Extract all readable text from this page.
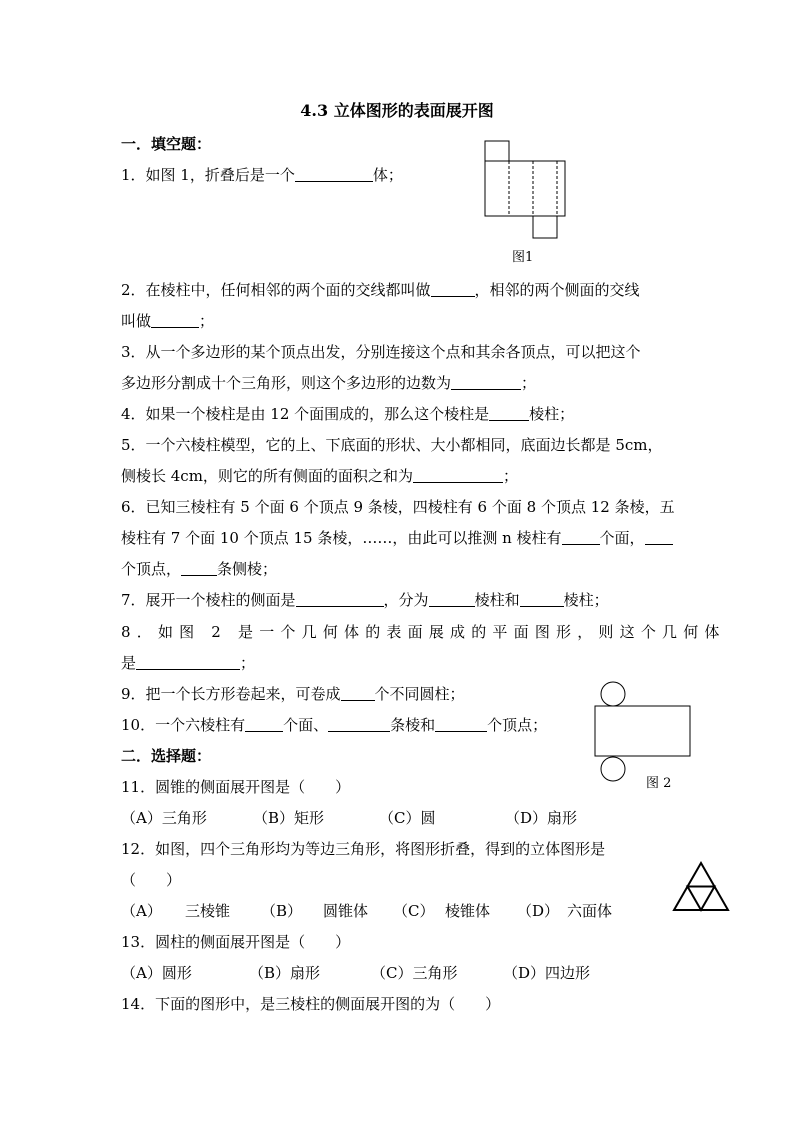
4.3 立体图形的表面展开图
一．填空题：
1．如图 1，折叠后是一个	体；
图1
2．在棱柱中，任何相邻的两个面的交线都叫做	，相邻的两个侧面的交线
叫做	；
3．从一个多边形的某个顶点出发，分别连接这个点和其余各顶点，可以把这个
多边形分割成十个三角形，则这个多边形的边数为	；
4．如果一个棱柱是由 12 个面围成的，那么这个棱柱是	棱柱；
5．一个六棱柱模型，它的上、下底面的形状、大小都相同，底面边长都是 5cm，
侧棱长 4cm，则它的所有侧面的面积之和为	；
6．已知三棱柱有 5 个面 6 个顶点 9 条棱，四棱柱有 6 个面 8 个顶点 12 条棱，五
棱柱有 7 个面 10 个顶点 15 条棱，……，由此可以推测 n 棱柱有	个面，
个顶点， 条侧棱；
7．展开一个棱柱的侧面是	，分为	棱柱和	棱柱；
8．如图 2 是一个几何体的表面展成的平面图形，则这个几何体
是	；
图 2
9．把一个长方形卷起来，可卷成 个不同圆柱；
10．一个六棱柱有	个面、	条棱和	个顶点；
二．选择题：
11．圆锥的侧面展开图是（　　）
（A）三角形	（B）矩形	（C）圆	（D）扇形
12．如图，四个三角形均为等边三角形，将图形折叠，得到的立体图形是
（　　）
（A） 三棱锥 （B） 圆锥体 （C） 棱锥体 （D） 六面体
13．圆柱的侧面展开图是（　　）
（A）圆形	（B）扇形	（C）三角形	（D）四边形
14．下面的图形中，是三棱柱的侧面展开图的为（　　）
